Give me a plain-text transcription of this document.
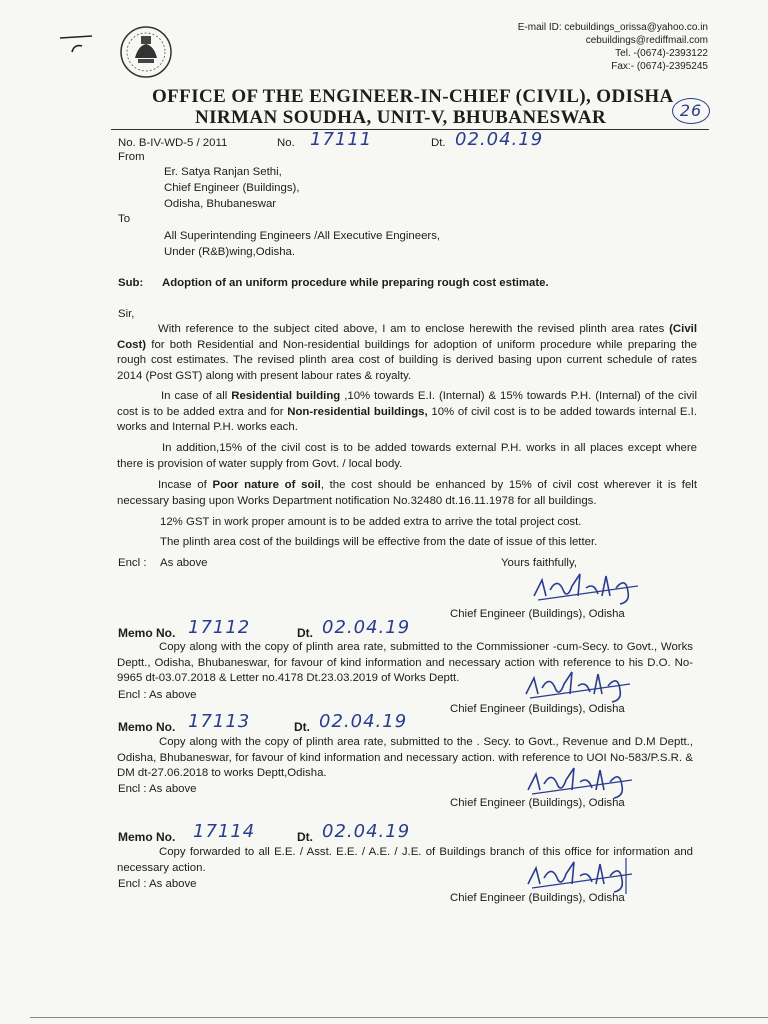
E-mail ID: cebuildings_orissa@yahoo.co.in
cebuildings@rediffmail.com
Tel. -(0674)-2393122
Fax:- (0674)-2395245
OFFICE OF THE ENGINEER-IN-CHIEF (CIVIL), ODISHA
NIRMAN SOUDHA, UNIT-V, BHUBANESWAR	26
No. B-IV-WD-5 / 2011	No. 17111	Dt. 02.04.19
From
Er. Satya Ranjan Sethi,
Chief Engineer (Buildings),
Odisha, Bhubaneswar
To
All Superintending Engineers /All Executive Engineers,
Under (R&B)wing,Odisha.
Sub: Adoption of an uniform procedure while preparing rough cost estimate.
Sir,
With reference to the subject cited above, I am to enclose herewith the revised plinth area rates (Civil Cost) for both Residential and Non-residential buildings for adoption of uniform procedure while preparing the rough cost estimates. The revised plinth area cost of building is derived basing upon current schedule of rates 2014 (Post GST) along with present labour rates & royalty.
In case of all Residential building ,10% towards E.I. (Internal) & 15% towards P.H. (Internal) of the civil cost is to be added extra and for Non-residential buildings, 10% of civil cost is to be added towards internal E.I. works and Internal P.H. works each.
In addition,15% of the civil cost is to be added towards external P.H. works in all places except where there is provision of water supply from Govt. / local body.
Incase of Poor nature of soil, the cost should be enhanced by 15% of civil cost wherever it is felt necessary basing upon Works Department notification No.32480 dt.16.11.1978 for all buildings.
12% GST in work proper amount is to be added extra to arrive the total project cost.
The plinth area cost of the buildings will be effective from the date of issue of this letter.
Encl : As above	Yours faithfully,
Chief Engineer (Buildings), Odisha
Memo No. 17112	Dt. 02.04.19
Copy along with the copy of plinth area rate, submitted to the Commissioner -cum-Secy. to Govt., Works Deptt., Odisha, Bhubaneswar, for favour of kind information and necessary action with reference to his D.O. No-9965 dt-03.07.2018 & Letter no.4178 Dt.23.03.2019 of Works Deptt.
Encl : As above
Chief Engineer (Buildings), Odisha
Memo No. 17113	Dt. 02.04.19
Copy along with the copy of plinth area rate, submitted to the . Secy. to Govt., Revenue and D.M Deptt., Odisha, Bhubaneswar, for favour of kind information and necessary action. with reference to UOI No-583/P.S.R. & DM dt-27.06.2018 to works Deptt,Odisha.
Encl : As above
Chief Engineer (Buildings), Odisha
Memo No. 17114	Dt. 02.04.19
Copy forwarded to all E.E. / Asst. E.E. / A.E. / J.E. of Buildings branch of this office for information and necessary action.
Encl : As above
Chief Engineer (Buildings), Odisha
